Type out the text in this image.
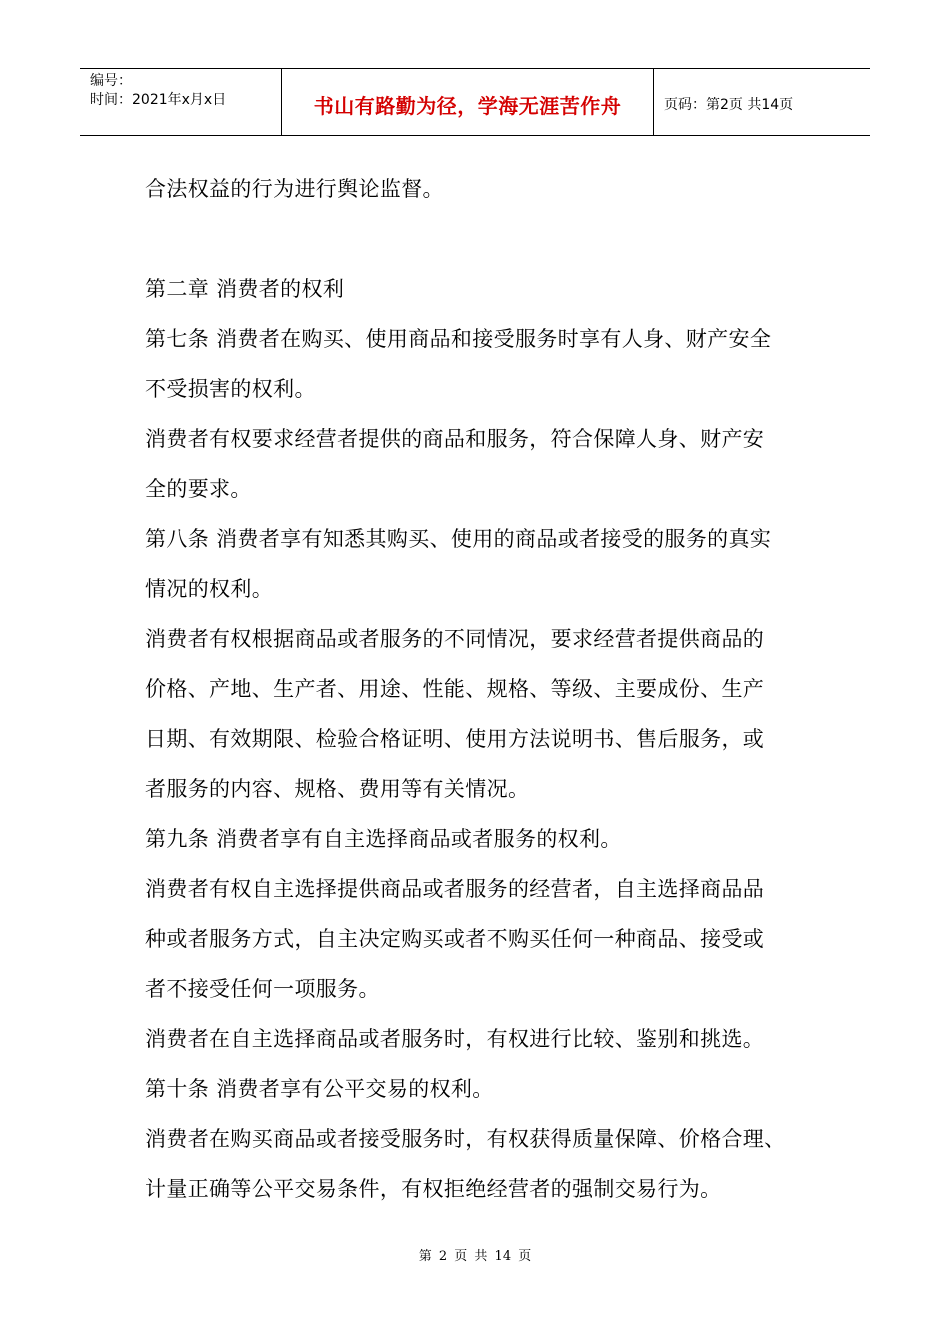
编号：
时间：2021年x月x日	书山有路勤为径，学海无涯苦作舟	页码：第2页 共14页
合法权益的行为进行舆论监督。
第二章 消费者的权利
第七条 消费者在购买、使用商品和接受服务时享有人身、财产安全
不受损害的权利。
消费者有权要求经营者提供的商品和服务，符合保障人身、财产安
全的要求。
第八条 消费者享有知悉其购买、使用的商品或者接受的服务的真实
情况的权利。
消费者有权根据商品或者服务的不同情况，要求经营者提供商品的
价格、产地、生产者、用途、性能、规格、等级、主要成份、生产
日期、有效期限、检验合格证明、使用方法说明书、售后服务，或
者服务的内容、规格、费用等有关情况。
第九条 消费者享有自主选择商品或者服务的权利。
消费者有权自主选择提供商品或者服务的经营者，自主选择商品品
种或者服务方式，自主决定购买或者不购买任何一种商品、接受或
者不接受任何一项服务。
消费者在自主选择商品或者服务时，有权进行比较、鉴别和挑选。
第十条 消费者享有公平交易的权利。
消费者在购买商品或者接受服务时，有权获得质量保障、价格合理、
计量正确等公平交易条件，有权拒绝经营者的强制交易行为。
第 2 页 共 14 页
